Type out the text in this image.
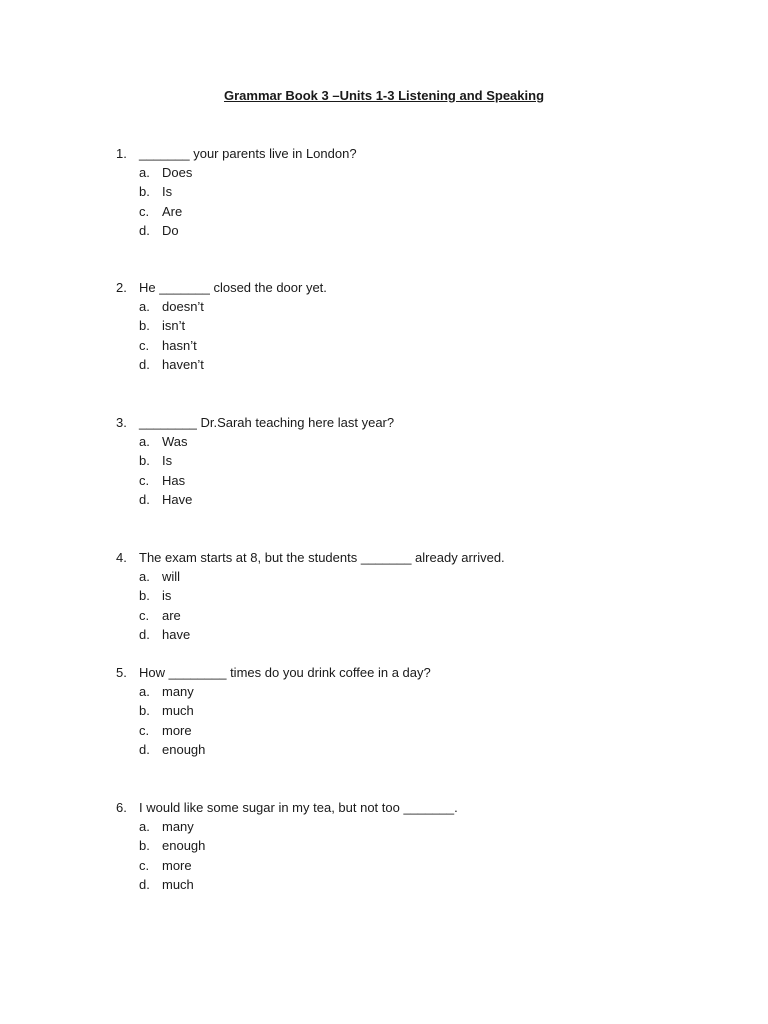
Grammar Book 3 –Units 1-3 Listening and Speaking
1. _______ your parents live in London?
a. Does
b. Is
c. Are
d. Do
2. He _______ closed the door yet.
a. doesn’t
b. isn’t
c. hasn’t
d. haven’t
3. ________ Dr.Sarah teaching here last year?
a. Was
b. Is
c. Has
d. Have
4. The exam starts at 8, but the students _______ already arrived.
a. will
b. is
c. are
d. have
5. How ________ times do you drink coffee in a day?
a. many
b. much
c. more
d. enough
6. I would like some sugar in my tea, but not too _______.
a. many
b. enough
c. more
d. much
